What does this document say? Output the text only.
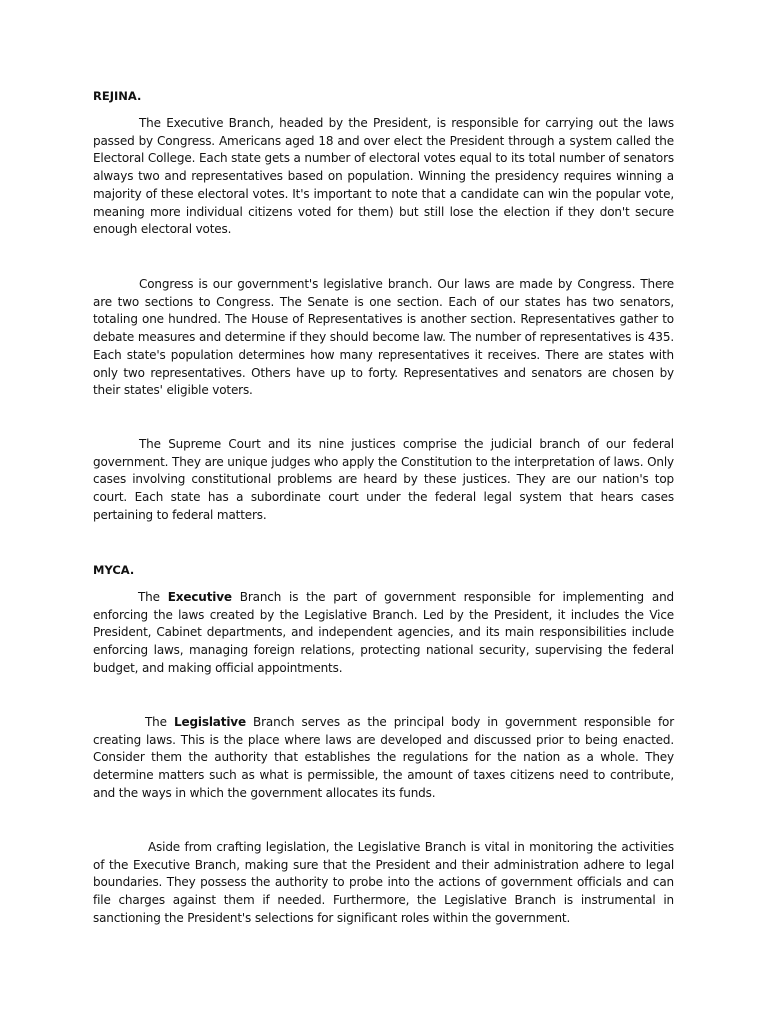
REJINA.

The Executive Branch, headed by the President, is responsible for carrying out the laws passed by Congress. Americans aged 18 and over elect the President through a system called the Electoral College. Each state gets a number of electoral votes equal to its total number of senators always two and representatives based on population. Winning the presidency requires winning a majority of these electoral votes. It's important to note that a candidate can win the popular vote, meaning more individual citizens voted for them) but still lose the election if they don't secure enough electoral votes.

Congress is our government's legislative branch. Our laws are made by Congress. There are two sections to Congress. The Senate is one section. Each of our states has two senators, totaling one hundred. The House of Representatives is another section. Representatives gather to debate measures and determine if they should become law. The number of representatives is 435. Each state's population determines how many representatives it receives. There are states with only two representatives. Others have up to forty. Representatives and senators are chosen by their states' eligible voters.

The Supreme Court and its nine justices comprise the judicial branch of our federal government. They are unique judges who apply the Constitution to the interpretation of laws. Only cases involving constitutional problems are heard by these justices. They are our nation's top court. Each state has a subordinate court under the federal legal system that hears cases pertaining to federal matters.

MYCA.

The Executive Branch is the part of government responsible for implementing and enforcing the laws created by the Legislative Branch. Led by the President, it includes the Vice President, Cabinet departments, and independent agencies, and its main responsibilities include enforcing laws, managing foreign relations, protecting national security, supervising the federal budget, and making official appointments.

The Legislative Branch serves as the principal body in government responsible for creating laws. This is the place where laws are developed and discussed prior to being enacted. Consider them the authority that establishes the regulations for the nation as a whole. They determine matters such as what is permissible, the amount of taxes citizens need to contribute, and the ways in which the government allocates its funds.

Aside from crafting legislation, the Legislative Branch is vital in monitoring the activities of the Executive Branch, making sure that the President and their administration adhere to legal boundaries. They possess the authority to probe into the actions of government officials and can file charges against them if needed. Furthermore, the Legislative Branch is instrumental in sanctioning the President's selections for significant roles within the government.
